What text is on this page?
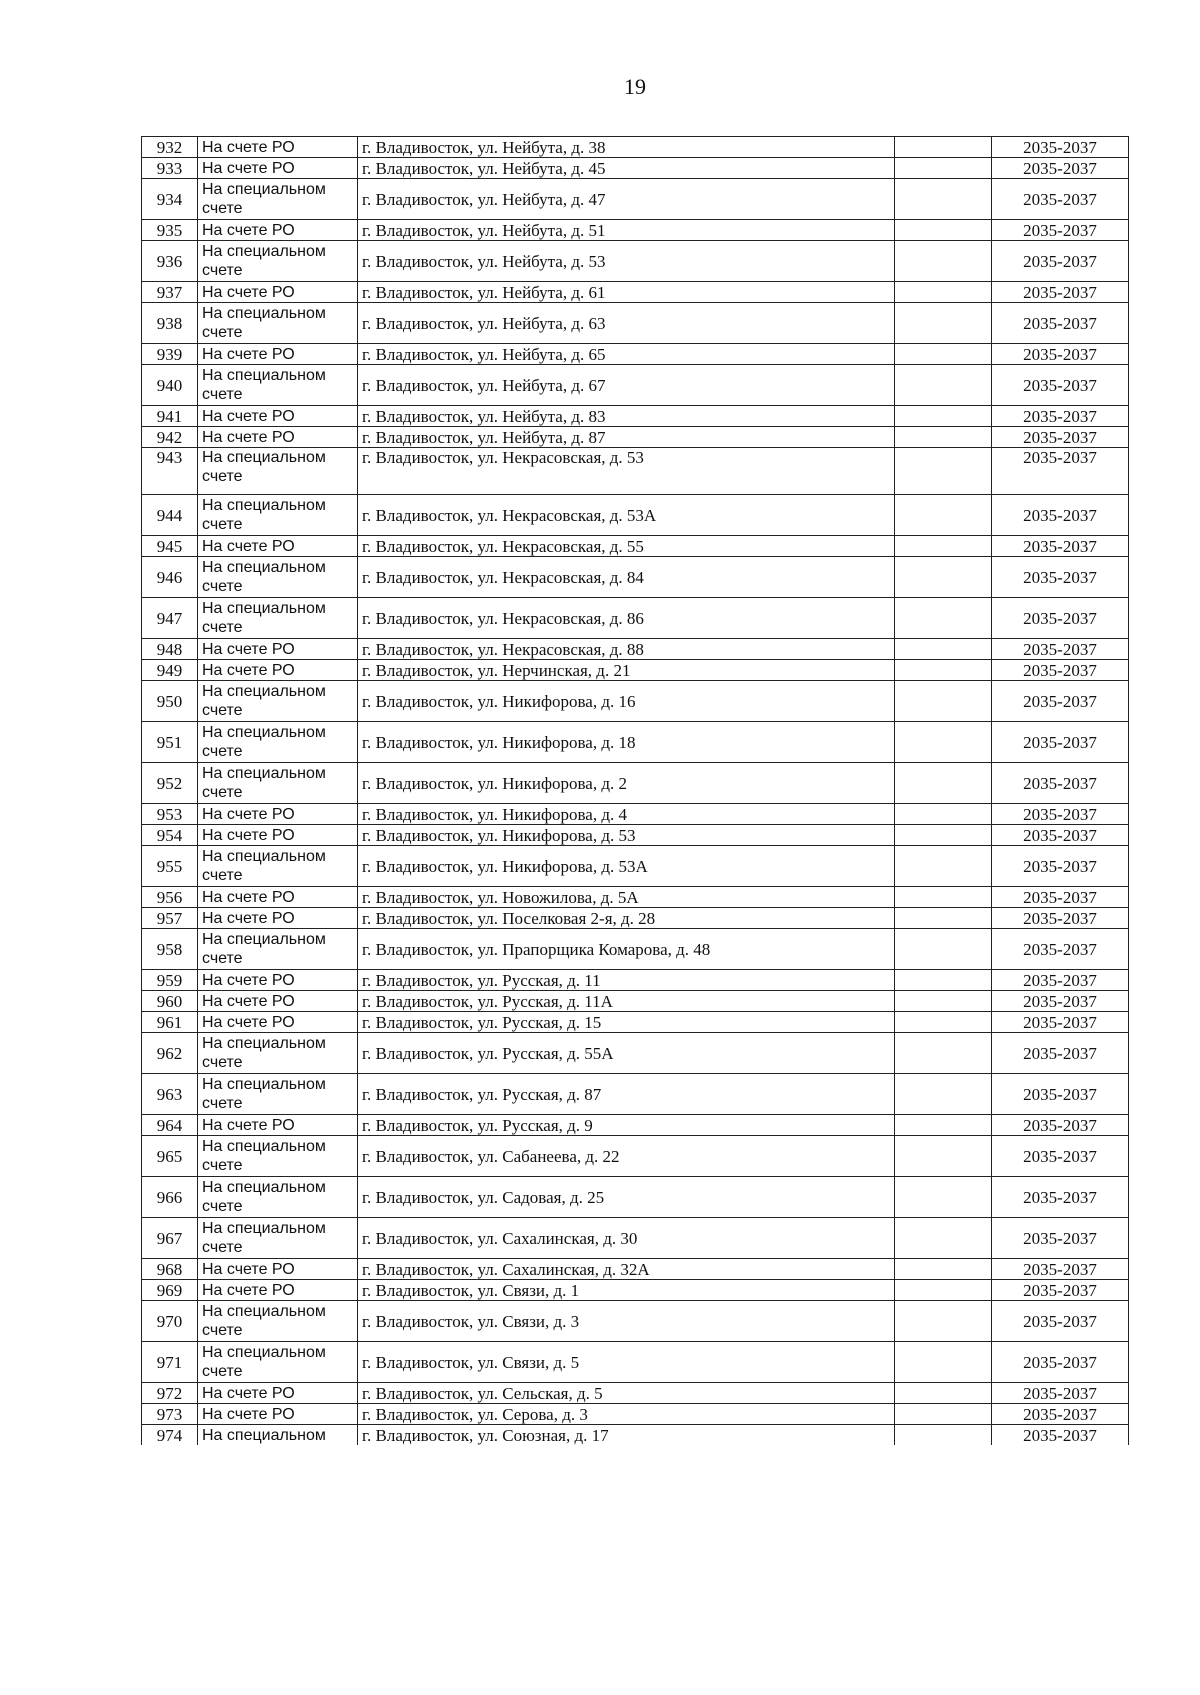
19
932	На счете РО	г. Владивосток, ул. Нейбута, д. 38		2035-2037
933	На счете РО	г. Владивосток, ул. Нейбута, д. 45		2035-2037
934	На специальном счете	г. Владивосток, ул. Нейбута, д. 47		2035-2037
935	На счете РО	г. Владивосток, ул. Нейбута, д. 51		2035-2037
936	На специальном счете	г. Владивосток, ул. Нейбута, д. 53		2035-2037
937	На счете РО	г. Владивосток, ул. Нейбута, д. 61		2035-2037
938	На специальном счете	г. Владивосток, ул. Нейбута, д. 63		2035-2037
939	На счете РО	г. Владивосток, ул. Нейбута, д. 65		2035-2037
940	На специальном счете	г. Владивосток, ул. Нейбута, д. 67		2035-2037
941	На счете РО	г. Владивосток, ул. Нейбута, д. 83		2035-2037
942	На счете РО	г. Владивосток, ул. Нейбута, д. 87		2035-2037
943	На специальном счете	г. Владивосток, ул. Некрасовская, д. 53		2035-2037
944	На специальном счете	г. Владивосток, ул. Некрасовская, д. 53А		2035-2037
945	На счете РО	г. Владивосток, ул. Некрасовская, д. 55		2035-2037
946	На специальном счете	г. Владивосток, ул. Некрасовская, д. 84		2035-2037
947	На специальном счете	г. Владивосток, ул. Некрасовская, д. 86		2035-2037
948	На счете РО	г. Владивосток, ул. Некрасовская, д. 88		2035-2037
949	На счете РО	г. Владивосток, ул. Нерчинская, д. 21		2035-2037
950	На специальном счете	г. Владивосток, ул. Никифорова, д. 16		2035-2037
951	На специальном счете	г. Владивосток, ул. Никифорова, д. 18		2035-2037
952	На специальном счете	г. Владивосток, ул. Никифорова, д. 2		2035-2037
953	На счете РО	г. Владивосток, ул. Никифорова, д. 4		2035-2037
954	На счете РО	г. Владивосток, ул. Никифорова, д. 53		2035-2037
955	На специальном счете	г. Владивосток, ул. Никифорова, д. 53А		2035-2037
956	На счете РО	г. Владивосток, ул. Новожилова, д. 5А		2035-2037
957	На счете РО	г. Владивосток, ул. Поселковая 2-я, д. 28		2035-2037
958	На специальном счете	г. Владивосток, ул. Прапорщика Комарова, д. 48		2035-2037
959	На счете РО	г. Владивосток, ул. Русская, д. 11		2035-2037
960	На счете РО	г. Владивосток, ул. Русская, д. 11А		2035-2037
961	На счете РО	г. Владивосток, ул. Русская, д. 15		2035-2037
962	На специальном счете	г. Владивосток, ул. Русская, д. 55А		2035-2037
963	На специальном счете	г. Владивосток, ул. Русская, д. 87		2035-2037
964	На счете РО	г. Владивосток, ул. Русская, д. 9		2035-2037
965	На специальном счете	г. Владивосток, ул. Сабанеева, д. 22		2035-2037
966	На специальном счете	г. Владивосток, ул. Садовая, д. 25		2035-2037
967	На специальном счете	г. Владивосток, ул. Сахалинская, д. 30		2035-2037
968	На счете РО	г. Владивосток, ул. Сахалинская, д. 32А		2035-2037
969	На счете РО	г. Владивосток, ул. Связи, д. 1		2035-2037
970	На специальном счете	г. Владивосток, ул. Связи, д. 3		2035-2037
971	На специальном счете	г. Владивосток, ул. Связи, д. 5		2035-2037
972	На счете РО	г. Владивосток, ул. Сельская, д. 5		2035-2037
973	На счете РО	г. Владивосток, ул. Серова, д. 3		2035-2037
974	На специальном	г. Владивосток, ул. Союзная, д. 17		2035-2037
